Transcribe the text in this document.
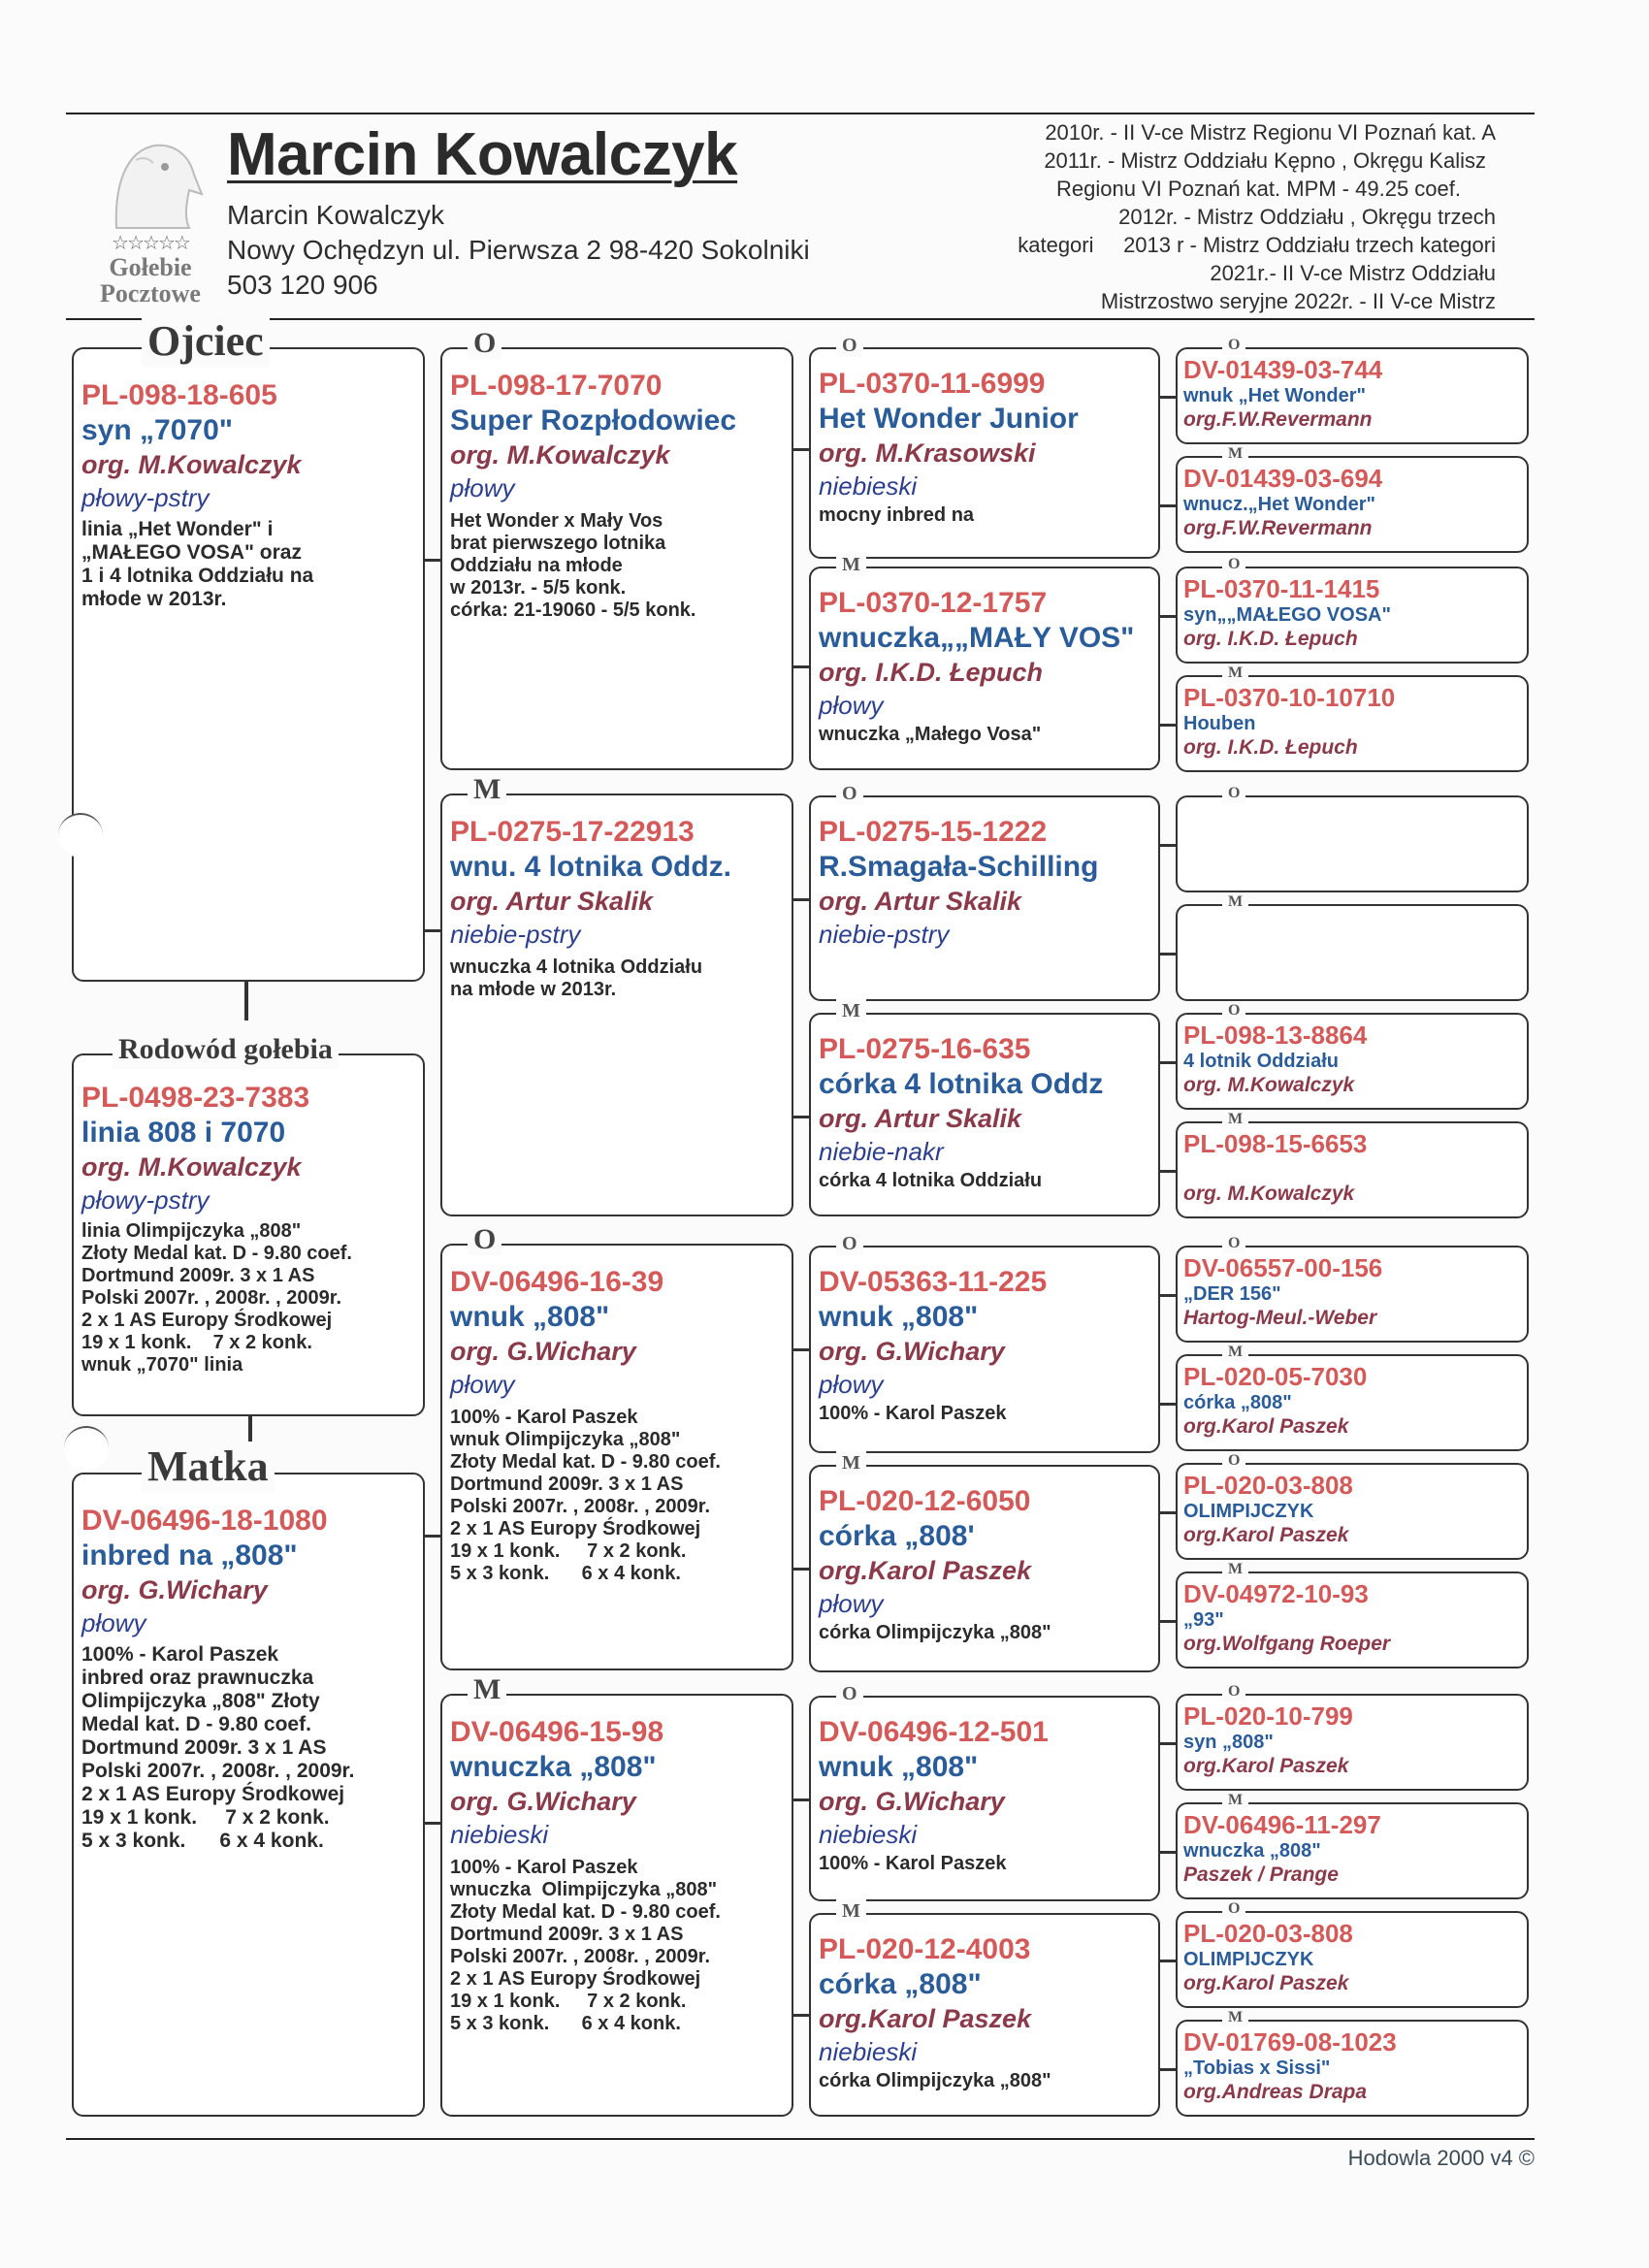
☆☆☆☆☆
Gołebie
Pocztowe
Marcin Kowalczyk
Marcin Kowalczyk
Nowy Ochędzyn ul. Pierwsza 2 98-420 Sokolniki
503 120 906
2010r. - II V-ce Mistrz Regionu VI Poznań kat. A
2011r. - Mistrz Oddziału Kępno , Okręgu Kalisz
Regionu VI Poznań kat. MPM - 49.25 coef.
2012r. - Mistrz Oddziału , Okręgu trzech
kategori     2013 r - Mistrz Oddziału trzech kategori
2021r.- II V-ce Mistrz Oddziału
Mistrzostwo seryjne 2022r. - II V-ce Mistrz
Ojciec
PL-098-18-605
syn „7070"
org. M.Kowalczyk
płowy-pstry
linia „Het Wonder" i
„MAŁEGO VOSA" oraz
1 i 4 lotnika Oddziału na
młode w 2013r.
Rodowód gołebia
PL-0498-23-7383
linia 808 i 7070
org. M.Kowalczyk
płowy-pstry
linia Olimpijczyka „808"
Złoty Medal kat. D - 9.80 coef.
Dortmund 2009r. 3 x 1 AS
Polski 2007r. , 2008r. , 2009r.
2 x 1 AS Europy Środkowej
19 x 1 konk.    7 x 2 konk.
wnuk „7070" linia
Matka
DV-06496-18-1080
inbred na „808"
org. G.Wichary
płowy
100% - Karol Paszek
inbred oraz prawnuczka
Olimpijczyka „808" Złoty
Medal kat. D - 9.80 coef.
Dortmund 2009r. 3 x 1 AS
Polski 2007r. , 2008r. , 2009r.
2 x 1 AS Europy Środkowej
19 x 1 konk.     7 x 2 konk.
5 x 3 konk.      6 x 4 konk.
O
PL-098-17-7070
Super Rozpłodowiec
org. M.Kowalczyk
płowy
Het Wonder x Mały Vos
brat pierwszego lotnika
Oddziału na młode
w 2013r. - 5/5 konk.
córka: 21-19060 - 5/5 konk.
M
PL-0275-17-22913
wnu. 4 lotnika Oddz.
org. Artur Skalik
niebie-pstry
wnuczka 4 lotnika Oddziału
na młode w 2013r.
O
DV-06496-16-39
wnuk „808"
org. G.Wichary
płowy
100% - Karol Paszek
wnuk Olimpijczyka „808"
Złoty Medal kat. D - 9.80 coef.
Dortmund 2009r. 3 x 1 AS
Polski 2007r. , 2008r. , 2009r.
2 x 1 AS Europy Środkowej
19 x 1 konk.     7 x 2 konk.
5 x 3 konk.      6 x 4 konk.
M
DV-06496-15-98
wnuczka „808"
org. G.Wichary
niebieski
100% - Karol Paszek
wnuczka  Olimpijczyka „808"
Złoty Medal kat. D - 9.80 coef.
Dortmund 2009r. 3 x 1 AS
Polski 2007r. , 2008r. , 2009r.
2 x 1 AS Europy Środkowej
19 x 1 konk.     7 x 2 konk.
5 x 3 konk.      6 x 4 konk.
O
PL-0370-11-6999
Het Wonder Junior
org. M.Krasowski
niebieski
mocny inbred na
M
PL-0370-12-1757
wnuczka„„MAŁY VOS"
org. I.K.D. Łepuch
płowy
wnuczka „Małego Vosa"
O
PL-0275-15-1222
R.Smagała-Schilling
org. Artur Skalik
niebie-pstry
M
PL-0275-16-635
córka 4 lotnika Oddz
org. Artur Skalik
niebie-nakr
córka 4 lotnika Oddziału
O
DV-05363-11-225
wnuk „808"
org. G.Wichary
płowy
100% - Karol Paszek
M
PL-020-12-6050
córka „808'
org.Karol Paszek
płowy
córka Olimpijczyka „808"
O
DV-06496-12-501
wnuk „808"
org. G.Wichary
niebieski
100% - Karol Paszek
M
PL-020-12-4003
córka „808"
org.Karol Paszek
niebieski
córka Olimpijczyka „808"
O
DV-01439-03-744
wnuk „Het Wonder"
org.F.W.Revermann
M
DV-01439-03-694
wnucz.„Het Wonder"
org.F.W.Revermann
O
PL-0370-11-1415
syn„„MAŁEGO VOSA"
org. I.K.D. Łepuch
M
PL-0370-10-10710
Houben
org. I.K.D. Łepuch
O
M
O
PL-098-13-8864
4 lotnik Oddziału
org. M.Kowalczyk
M
PL-098-15-6653
org. M.Kowalczyk
O
DV-06557-00-156
„DER 156"
Hartog-Meul.-Weber
M
PL-020-05-7030
córka „808"
org.Karol Paszek
O
PL-020-03-808
OLIMPIJCZYK
org.Karol Paszek
M
DV-04972-10-93
„93"
org.Wolfgang Roeper
O
PL-020-10-799
syn „808"
org.Karol Paszek
M
DV-06496-11-297
wnuczka „808"
Paszek / Prange
O
PL-020-03-808
OLIMPIJCZYK
org.Karol Paszek
M
DV-01769-08-1023
„Tobias x Sissi"
org.Andreas Drapa
Hodowla 2000 v4 ©
